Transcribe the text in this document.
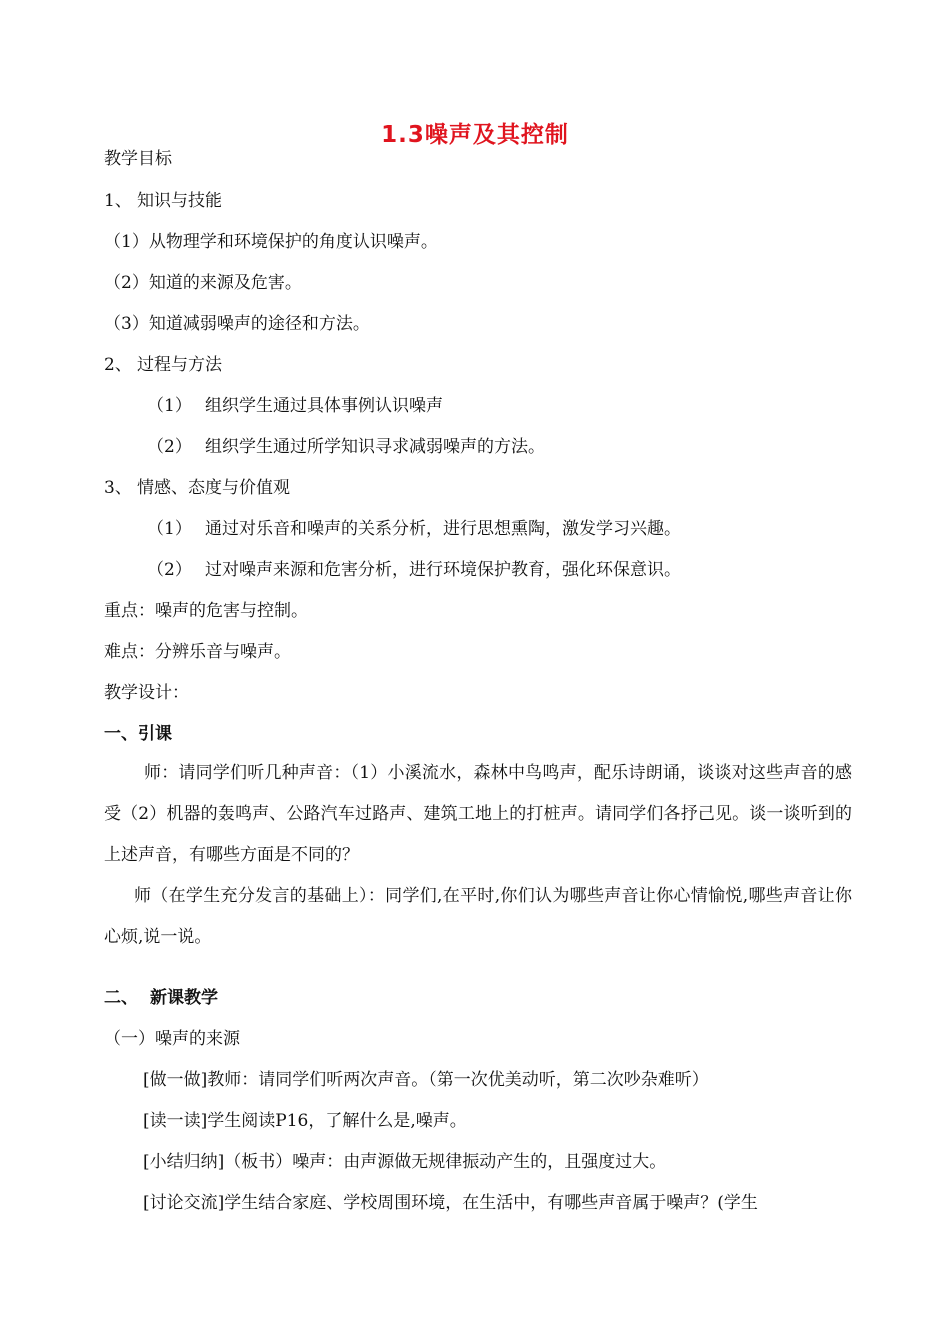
1.3噪声及其控制
教学目标
1、 知识与技能
（1）从物理学和环境保护的角度认识噪声。
（2）知道的来源及危害。
（3）知道减弱噪声的途径和方法。
2、 过程与方法
（1） 组织学生通过具体事例认识噪声
（2） 组织学生通过所学知识寻求减弱噪声的方法。
3、 情感、态度与价值观
（1） 通过对乐音和噪声的关系分析，进行思想熏陶，激发学习兴趣。
（2） 过对噪声来源和危害分析，进行环境保护教育，强化环保意识。
重点：噪声的危害与控制。
难点：分辨乐音与噪声。
教学设计：
一、引课
师：请同学们听几种声音：（1）小溪流水，森林中鸟鸣声，配乐诗朗诵，谈谈对这些声音的感受（2）机器的轰鸣声、公路汽车过路声、建筑工地上的打桩声。请同学们各抒己见。谈一谈听到的上述声音，有哪些方面是不同的？
师（在学生充分发言的基础上）：同学们,在平时,你们认为哪些声音让你心情愉悦,哪些声音让你心烦,说一说。
二、 新课教学
（一）噪声的来源
[做一做]教师：请同学们听两次声音。（第一次优美动听，第二次吵杂难听）
[读一读]学生阅读P16，了解什么是,噪声。
[小结归纳]（板书）噪声：由声源做无规律振动产生的，且强度过大。
[讨论交流]学生结合家庭、学校周围环境，在生活中，有哪些声音属于噪声？(学生
